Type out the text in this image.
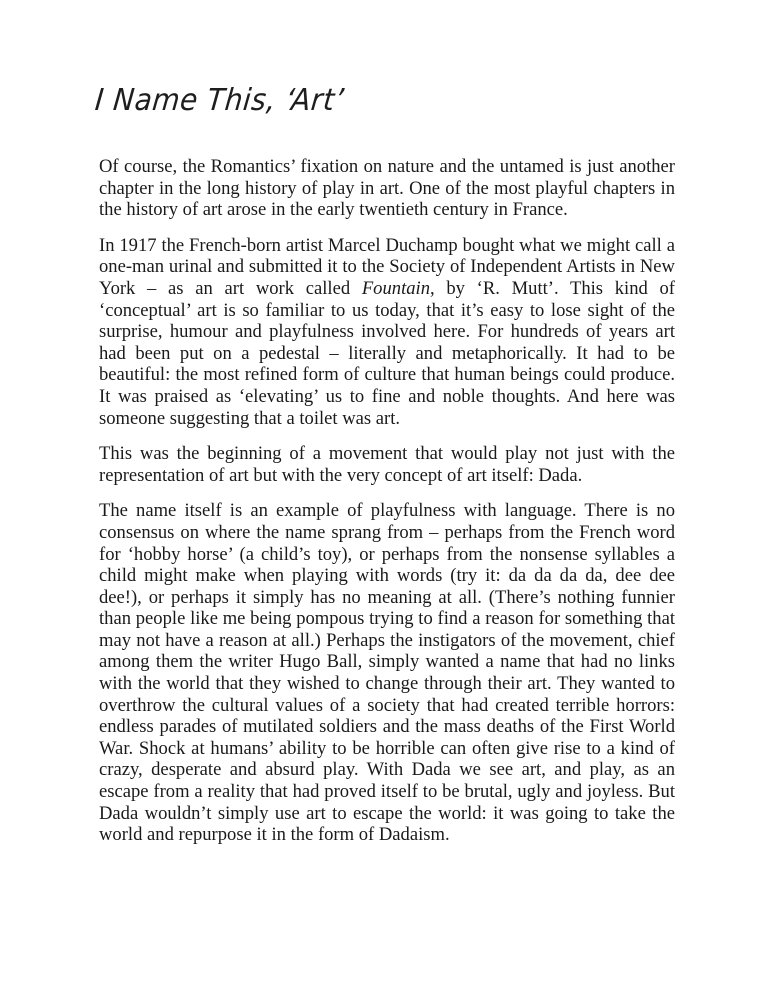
I Name This, ‘Art’

Of course, the Romantics’ fixation on nature and the untamed is just another chapter in the long history of play in art. One of the most playful chapters in the history of art arose in the early twentieth century in France.

In 1917 the French-born artist Marcel Duchamp bought what we might call a one-man urinal and submitted it to the Society of Independent Artists in New York – as an art work called Fountain, by ‘R. Mutt’. This kind of ‘conceptual’ art is so familiar to us today, that it’s easy to lose sight of the surprise, humour and playfulness involved here. For hundreds of years art had been put on a pedestal – literally and metaphorically. It had to be beautiful: the most refined form of culture that human beings could produce. It was praised as ‘elevating’ us to fine and noble thoughts. And here was someone suggesting that a toilet was art.

This was the beginning of a movement that would play not just with the representation of art but with the very concept of art itself: Dada.

The name itself is an example of playfulness with language. There is no consensus on where the name sprang from – perhaps from the French word for ‘hobby horse’ (a child’s toy), or perhaps from the nonsense syllables a child might make when playing with words (try it: da da da da, dee dee dee!), or perhaps it simply has no meaning at all. (There’s nothing funnier than people like me being pompous trying to find a reason for something that may not have a reason at all.) Perhaps the instigators of the movement, chief among them the writer Hugo Ball, simply wanted a name that had no links with the world that they wished to change through their art. They wanted to overthrow the cultural values of a society that had created terrible horrors: endless parades of mutilated soldiers and the mass deaths of the First World War. Shock at humans’ ability to be horrible can often give rise to a kind of crazy, desperate and absurd play. With Dada we see art, and play, as an escape from a reality that had proved itself to be brutal, ugly and joyless. But Dada wouldn’t simply use art to escape the world: it was going to take the world and repurpose it in the form of Dadaism.
